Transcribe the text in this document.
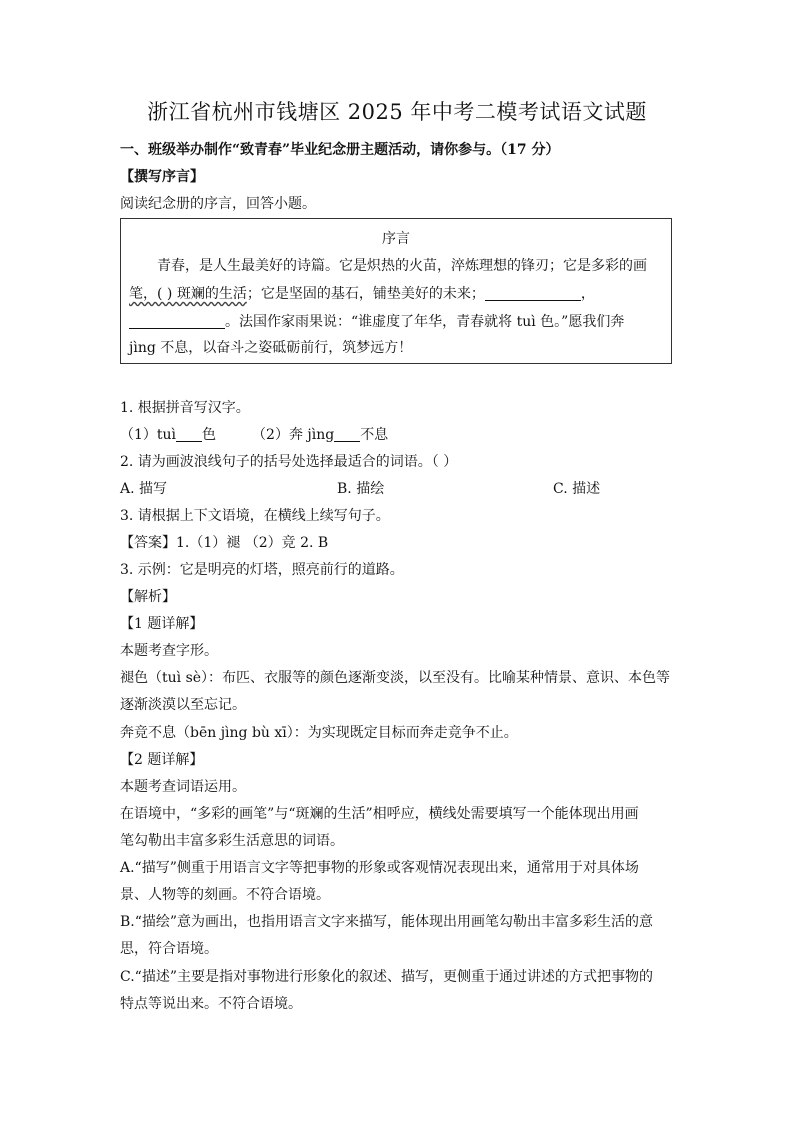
浙江省杭州市钱塘区 2025 年中考二模考试语文试题
一、班级举办制作“致青春”毕业纪念册主题活动，请你参与。（17 分）
【撰写序言】
阅读纪念册的序言，回答小题。
序言
青春，是人生最美好的诗篇。它是炽热的火苗，淬炼理想的锋刃；它是多彩的画
笔，( ) 斑斓的生活；它是坚固的基石，铺垫美好的未来；	，
。法国作家雨果说：“谁虚度了年华，青春就将 tuì 色。”愿我们奔
jìng 不息，以奋斗之姿砥砺前行，筑梦远方！
1. 根据拼音写汉字。
（1）tuì 色	（2）奔 jìng 不息
2. 请为画波浪线句子的括号处选择最适合的词语。（ ）
A. 描写	B. 描绘	C. 描述
3. 请根据上下文语境，在横线上续写句子。
【答案】1.（1）褪 （2）竞 2. B
3. 示例：它是明亮的灯塔，照亮前行的道路。
【解析】
【1 题详解】
本题考查字形。
褪色（tuì sè）：布匹、衣服等的颜色逐渐变淡，以至没有。比喻某种情景、意识、本色等
逐渐淡漠以至忘记。
奔竞不息（bēn jìng bù xī）：为实现既定目标而奔走竞争不止。
【2 题详解】
本题考查词语运用。
在语境中，“多彩的画笔”与“斑斓的生活”相呼应，横线处需要填写一个能体现出用画
笔勾勒出丰富多彩生活意思的词语。
A.“描写”侧重于用语言文字等把事物的形象或客观情况表现出来，通常用于对具体场
景、人物等的刻画。不符合语境。
B.“描绘”意为画出，也指用语言文字来描写，能体现出用画笔勾勒出丰富多彩生活的意
思，符合语境。
C.“描述”主要是指对事物进行形象化的叙述、描写，更侧重于通过讲述的方式把事物的
特点等说出来。不符合语境。
